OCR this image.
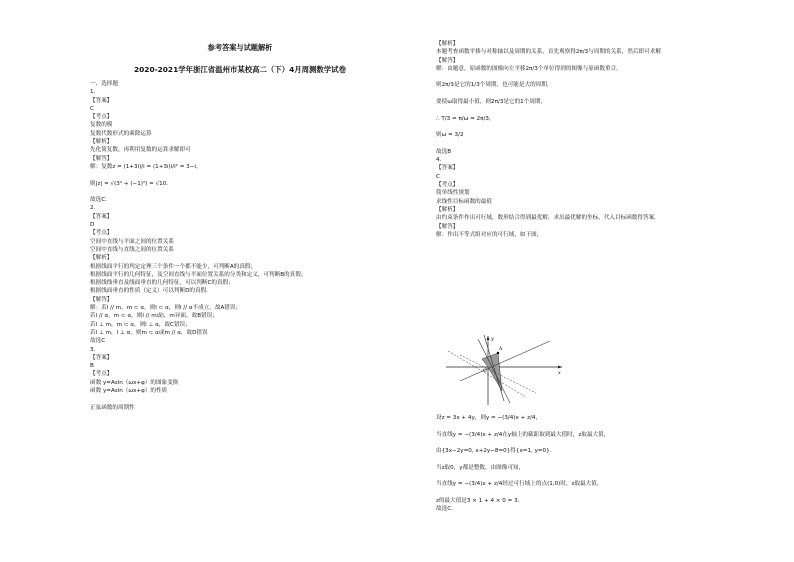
参考答案与试题解析
2020-2021学年浙江省温州市某校高二（下）4月周测数学试卷
一、选择题
1.
【答案】
C
【考点】
复数的模
复数代数形式的乘除运算
【解析】
先化简复数，再利用复数的运算求解即可
【解答】
解：复数z = (1+3i)/i = (1+3i)i/i² = 3−i，

则|z| = √(3² + (−1)²) = √10．

故选C．
2.
【答案】
D
【考点】
空间中直线与平面之间的位置关系
空间中直线与直线之间的位置关系
【解析】
根据线面平行的判定定理三个条件一个都不能少，可判断A的真假；
根据线面平行的几何特征，及空间直线与平面位置关系的分类和定义，可判断B的真假；
根据线线垂直及线面垂直的几何特征，可以判断C的真假；
根据线面垂直的性质（定义）可以判断D的真假．
【解答】
解：若l // m，m ⊂ α，则l ⊂ α，则l // α不成立，故A错误；
若l // α，m ⊂ α，则l // m或l，m异面，故B错误；
若l ⊥ m，m ⊂ α，则l ⊥ α，故C错误；
若l ⊥ m，l ⊥ α，则m ⊂ α或m // α，故D错误
故选C
3.
【答案】
B
【考点】
函数 y=Asin（ωx+φ）的图象变换
函数 y=Asin（ωx+φ）的性质

正弦函数的周期性
【解析】
本题考查函数平移与对称轴以及周期的关系，首先观察得2π/3与周期的关系，然后即可求解
【解答】
解：由题意，原函数的图像向左平移2π/3个单位得到的图像与原函数重合，

则2π/3是它的1/3个周期，也可能是大的周期，

要使ω取得最小值，则2π/3是它的1个周期，

∴ T/3 = π/ω = 2π/3，

则ω = 3/2

故选B
4.
【答案】
C
【考点】
简单线性规划
求线性目标函数的最值
【解析】
由约束条件作出可行域，数形结合得到最优解，求出最优解的坐标，代入目标函数得答案．
【解答】
解：作出不等式组对应的可行域，如下图，
x
y
O
A
设z = 3x + 4y，则y = −(3/4)x + z/4，

当直线y = −(3/4)x + z/4在y轴上的截距取到最大值时，z取最大值，

由{3x−2y=0, x+2y−8=0}得{x=1, y=0}．

当z取0，y都是整数，由图像可知，

当直线y = −(3/4)x + z/4经过可行域上的点(1,0)时，z取最大值，

z的最大值是3 × 1 + 4 × 0 = 3．
故选C．
